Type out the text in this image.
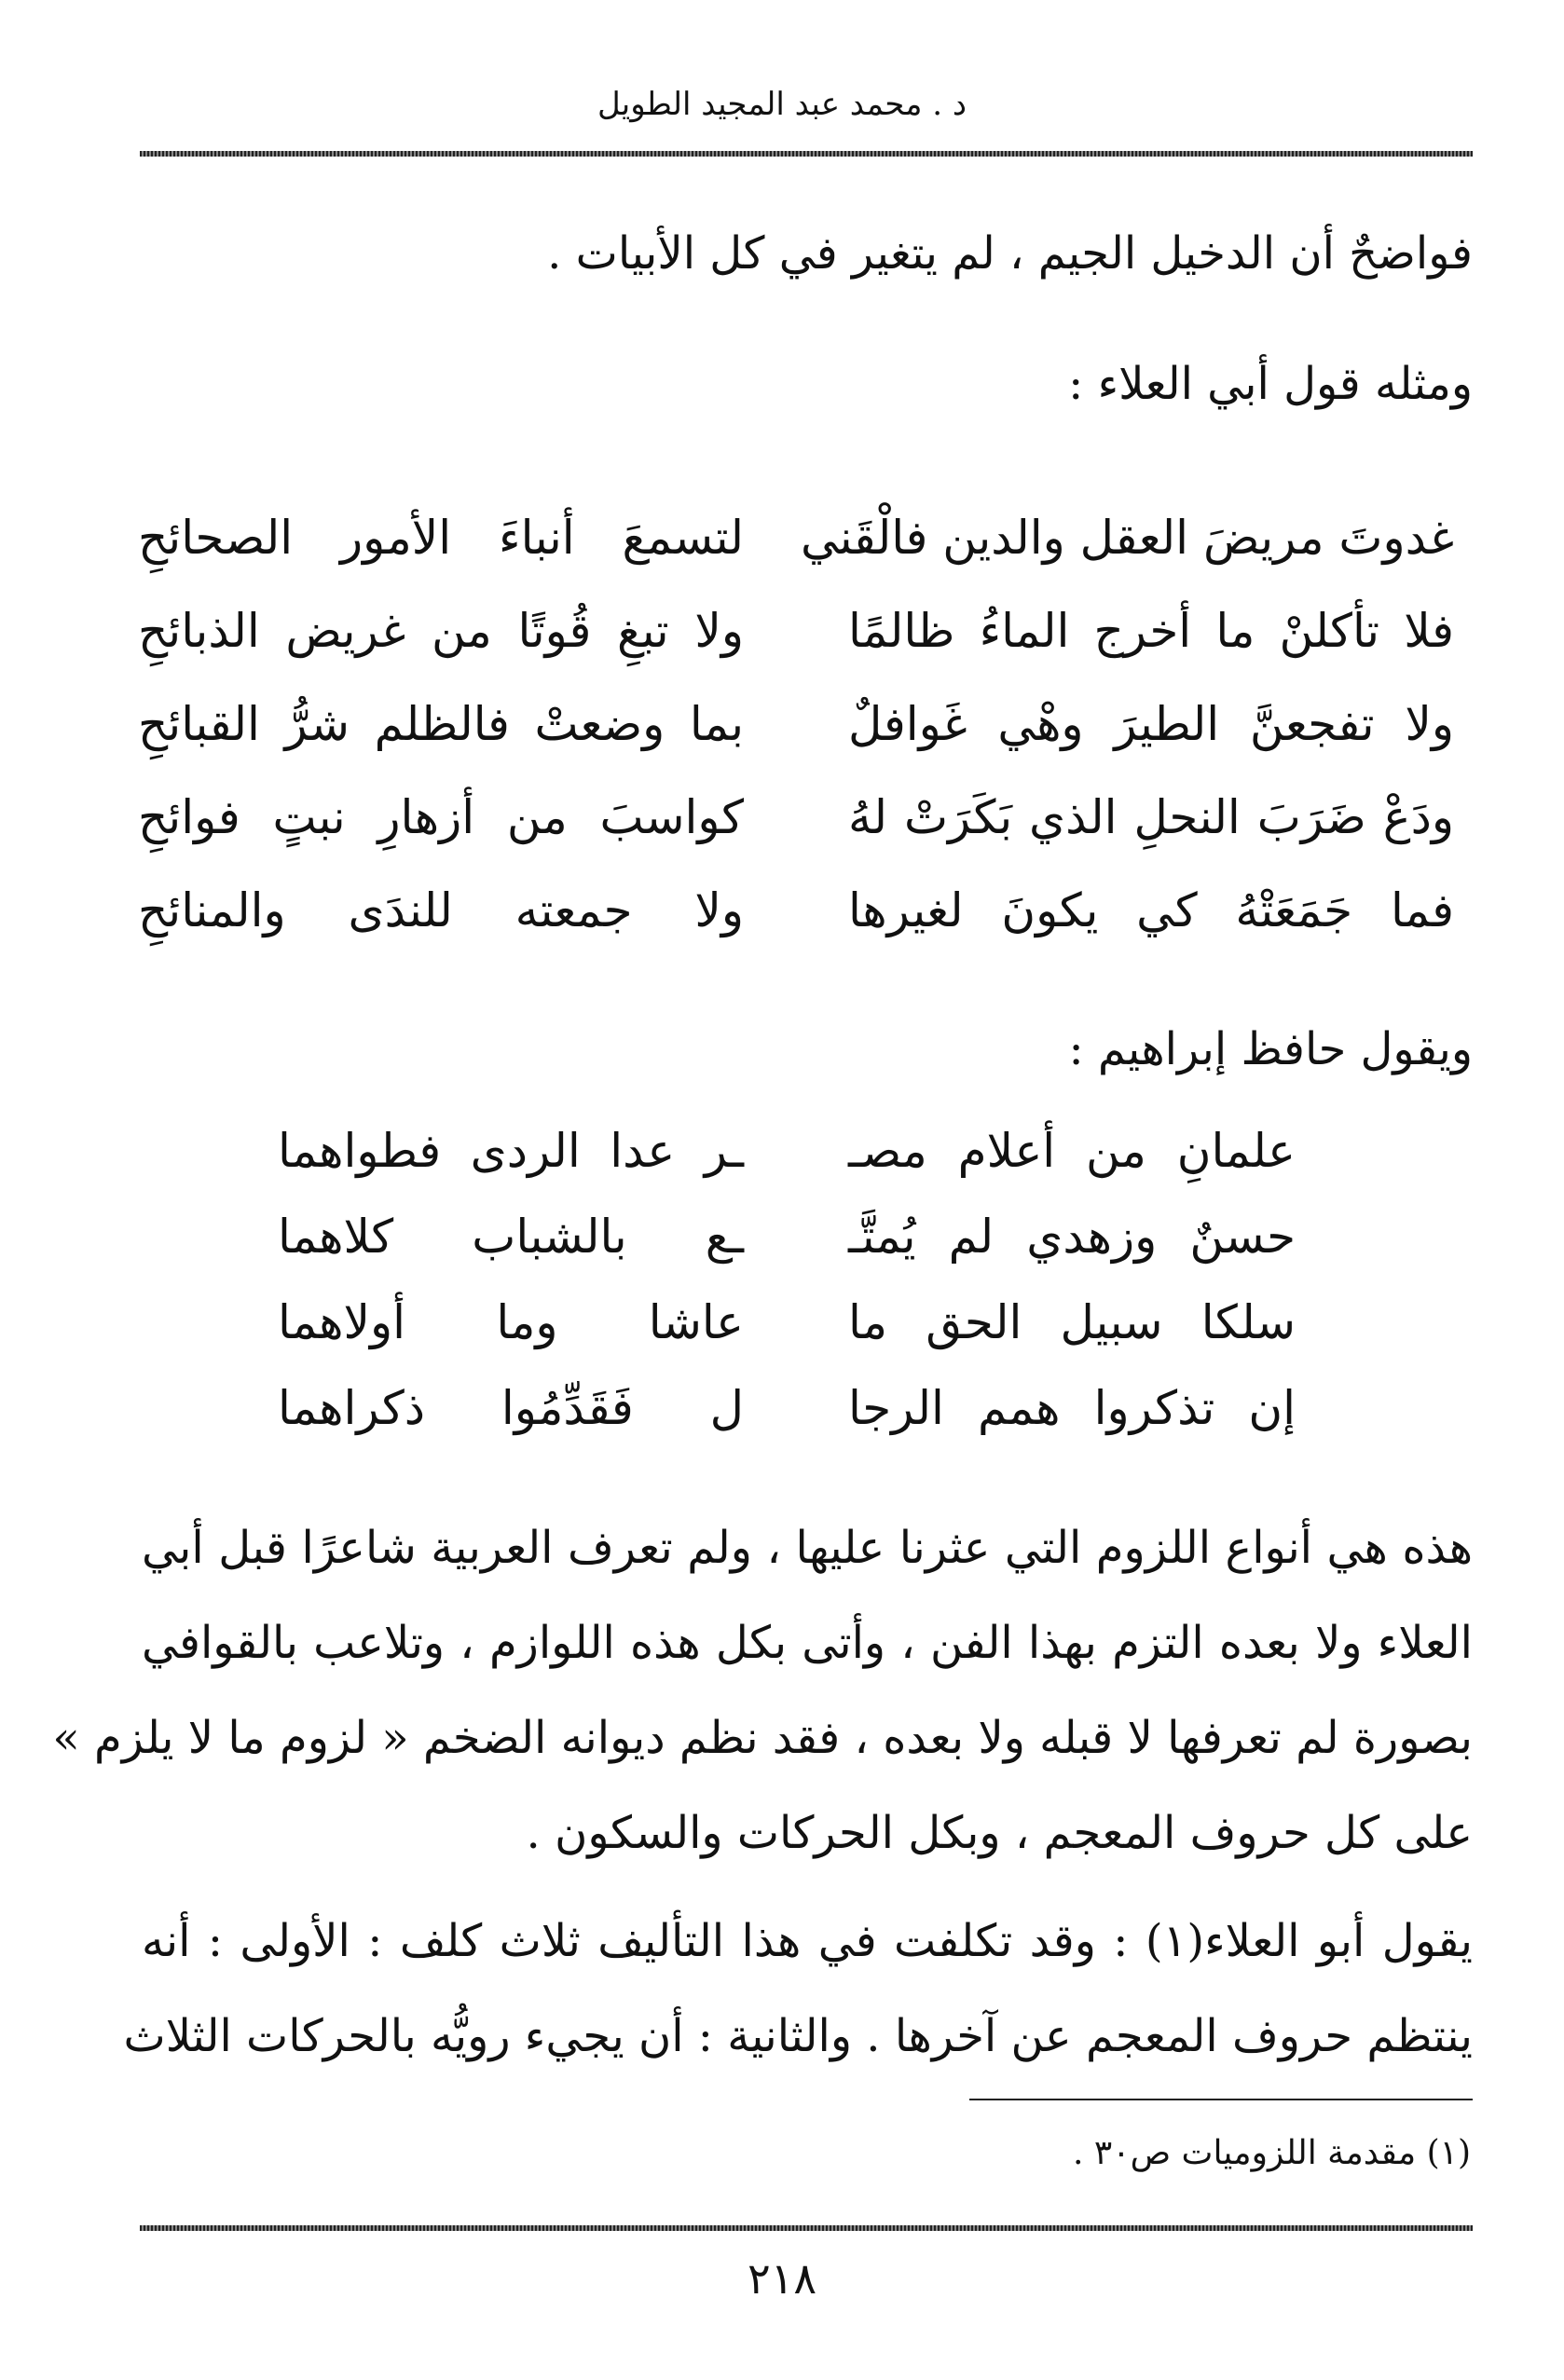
د . محمد عبد المجيد الطويل
فواضحٌ أن الدخيل الجيم ، لم يتغير في كل الأبيات .
ومثله قول أبي العلاء :
غدوتَ مريضَ العقل والدين فالْقَني
لتسمعَ أنباءَ الأمور الصحائحِ
فلا تأكلنْ ما أخرج الماءُ ظالمًا
ولا تبغِ قُوتًا من غريض الذبائحِ
ولا تفجعنَّ الطيرَ وهْي غَوافلٌ
بما وضعتْ فالظلم شرُّ القبائحِ
ودَعْ ضَرَبَ النحلِ الذي بَكَرَتْ لهُ
كواسبَ من أزهارِ نبتٍ فوائحِ
فما جَمَعَتْهُ كي يكونَ لغيرها
ولا جمعته للندَى والمنائحِ
ويقول حافظ إبراهيم :
علمانِ من أعلام مصـ
ـر عدا الردى فطواهما
حسنٌ وزهدي لم يُمتَّـ
ـع بالشباب كلاهما
سلكا سبيل الحق ما
عاشا وما أولاهما
إن تذكروا همم الرجا
ل فَقَدِّمُوا ذكراهما
هذه هي أنواع اللزوم التي عثرنا عليها ، ولم تعرف العربية شاعرًا قبل أبي
العلاء ولا بعده التزم بهذا الفن ، وأتى بكل هذه اللوازم ، وتلاعب بالقوافي
بصورة لم تعرفها لا قبله ولا بعده ، فقد نظم ديوانه الضخم « لزوم ما لا يلزم »
على كل حروف المعجم ، وبكل الحركات والسكون .
يقول أبو العلاء(١) : وقد تكلفت في هذا التأليف ثلاث كلف : الأولى : أنه
ينتظم حروف المعجم عن آخرها . والثانية : أن يجيء رويُّه بالحركات الثلاث
(١) مقدمة اللزوميات ص٣٠ .
٢١٨
